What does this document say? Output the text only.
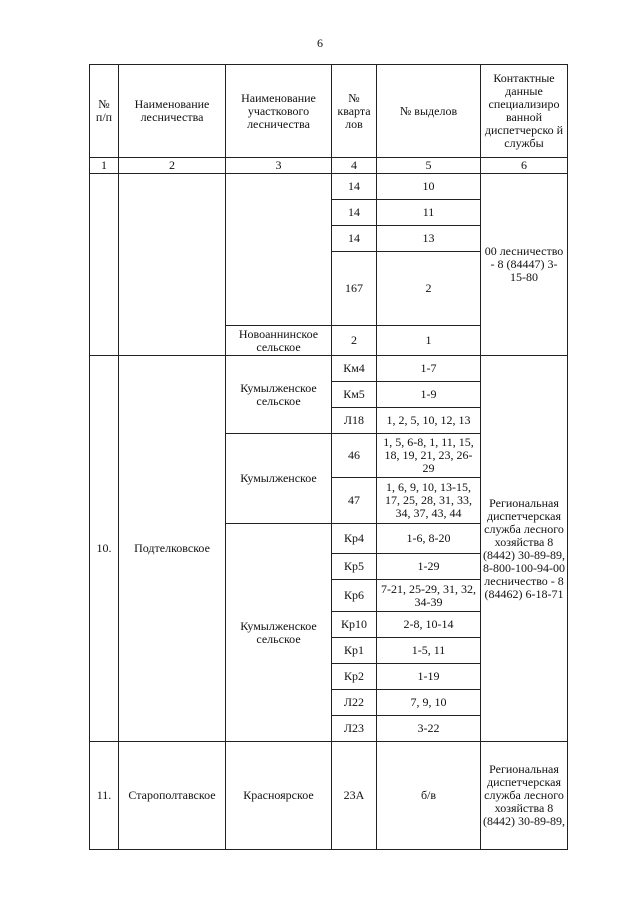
6
№ п/п	Наименование лесничества	Наименование участкового лесничества	№ кварта лов	№ выделов	Контактные данные специализиро ванной диспетчерско й службы
1	2	3	4	5	6
			14	10	00 лесничество - 8 (84447) 3-15-80
			14	11	
			14	13	
			167	2	
		Новоаннинское сельское	2	1	
10.	Подтелковское	Кумылженское сельское	Км4	1-7	Региональная диспетчерская служба лесного хозяйства 8 (8442) 30-89-89, 8-800-100-94-00 лесничество - 8 (84462) 6-18-71
			Км5	1-9	
			Л18	1, 2, 5, 10, 12, 13	
		Кумылженское	46	1, 5, 6-8, 1, 11, 15, 18, 19, 21, 23, 26-29	
			47	1, 6, 9, 10, 13-15, 17, 25, 28, 31, 33, 34, 37, 43, 44	
		Кумылженское сельское	Кр4	1-6, 8-20	
			Кр5	1-29	
			Кр6	7-21, 25-29, 31, 32, 34-39	
			Кр10	2-8, 10-14	
			Кр1	1-5, 11	
			Кр2	1-19	
			Л22	7, 9, 10	
			Л23	3-22	
11.	Старополтавское	Красноярское	23А	б/в	Региональная диспетчерская служба лесного хозяйства 8 (8442) 30-89-89,
